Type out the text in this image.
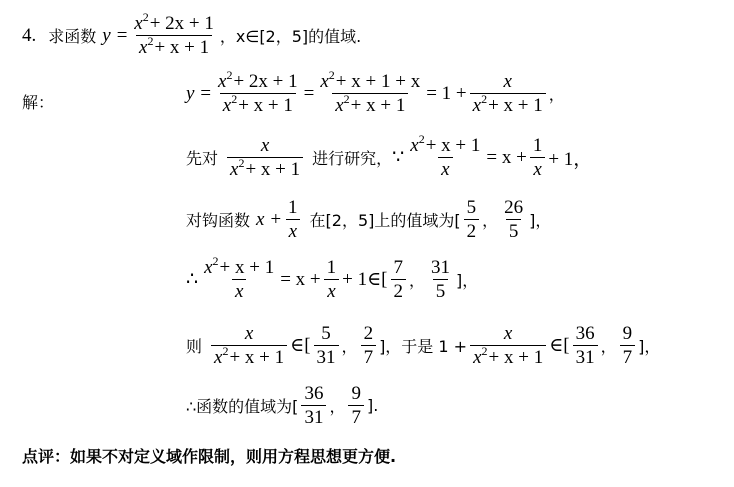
4. 求函数 $y = \frac{x^2+ 2x + 1}{x^2+ x + 1}$ ，x∈[2，5]的值域.
解：	$y = \frac{x^2+ 2x + 1}{x^2+ x + 1} = \frac{x^2+ x + 1 + x}{x^2+ x + 1} = 1 + \frac{x}{x^2+ x + 1}$ ，
先对 $\frac{x}{x^2+ x + 1}$ 进行研究， ∵ $\frac{x^2+ x + 1}{x} = x + \frac{1}{x} + 1$，
对钩函数 $x + \frac{1}{x}$ 在[2，5]上的值域为[ $\frac{5}{2}$ ， $\frac{26}{5}$ ]，
∴ $\frac{x^2+ x + 1}{x} = x + \frac{1}{x}$ + 1∈[ $\frac{7}{2}$ ， $\frac{31}{5}$ ]，
则 $\frac{x}{x^2+ x + 1}$ ∈[ $\frac{5}{31}$ ， $\frac{2}{7}$ ]，于是 $1 + \frac{x}{x^2+ x + 1}$ ∈[ $\frac{36}{31}$ ， $\frac{9}{7}$ ]，
∴函数的值域为[ $\frac{36}{31}$ ， $\frac{9}{7}$ ].
点评：如果不对定义域作限制，则用方程思想更方便.
